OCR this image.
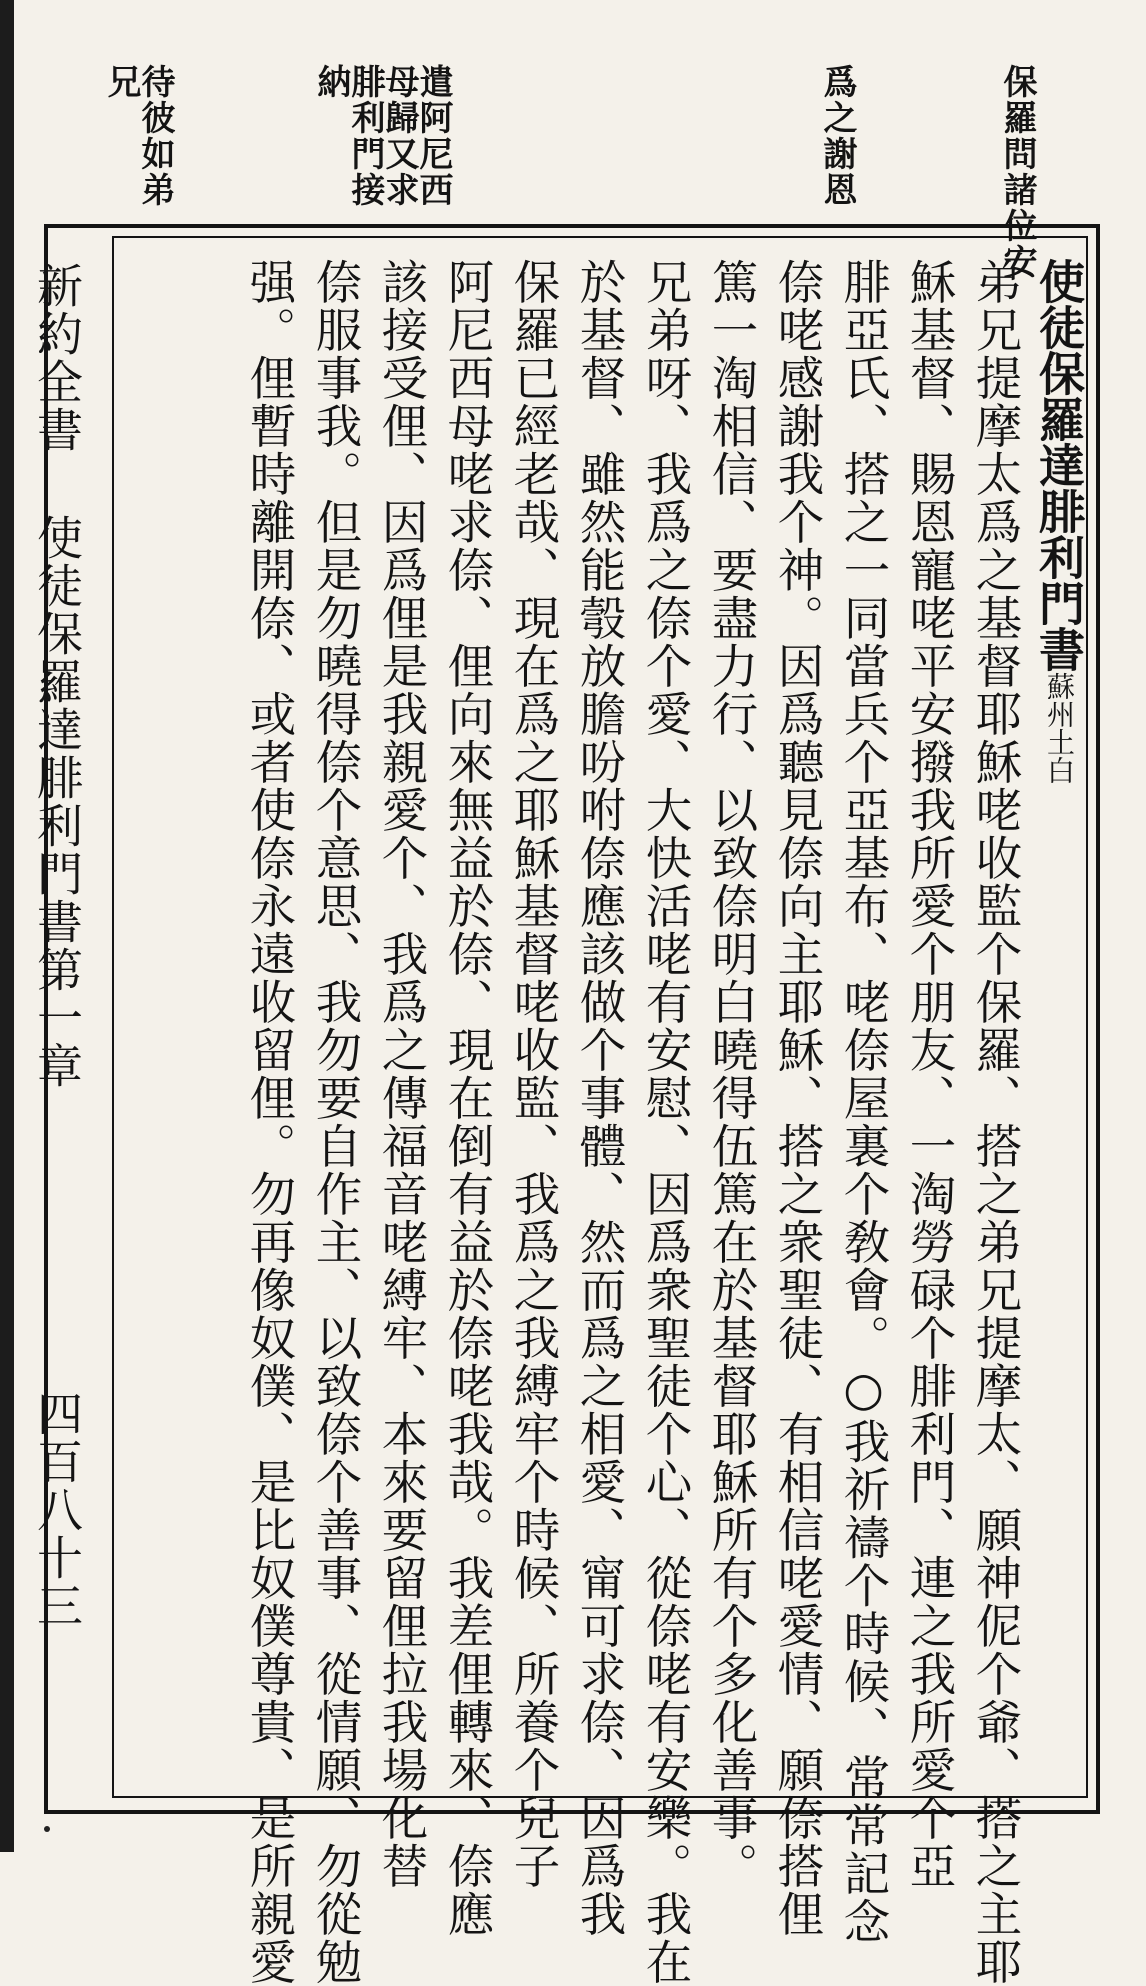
保羅問諸位安
爲之謝恩
遣阿尼西母歸又求腓利門接納
待彼如弟兄
使徒保羅達腓利門書蘇州土白
弟兄提摩太爲之基督耶穌咾收監个保羅、搭之弟兄提摩太、願神伲个爺、搭之主耶
穌基督、賜恩寵咾平安撥我所愛个朋友、一淘勞碌个腓利門、連之我所愛个亞
腓亞氏、搭之一同當兵个亞基布、咾倷屋裏个敎會。○我祈禱个時候、常常記念
倷咾感謝我个神。因爲聽見倷向主耶穌、搭之衆聖徒、有相信咾愛情、願倷搭俚
篤一淘相信、要盡力行、以致倷明白曉得伍篤在於基督耶穌所有个多化善事。
兄弟呀、我爲之倷个愛、大快活咾有安慰、因爲衆聖徒个心、從倷咾有安樂。我在
於基督、雖然能彀放膽吩咐倷應該做个事體、然而爲之相愛、甯可求倷、因爲我
保羅已經老哉、現在爲之耶穌基督咾收監、我爲之我縛牢个時候、所養个兒子
阿尼西母咾求倷、俚向來無益於倷、現在倒有益於倷咾我哉。我差俚轉來、倷應
該接受俚、因爲俚是我親愛个、我爲之傳福音咾縛牢、本來要留俚拉我場化替
倷服事我。但是勿曉得倷个意思、我勿要自作主、以致倷个善事、從情願、勿從勉
强。俚暫時離開倷、或者使倷永遠收留俚。勿再像奴僕、是比奴僕尊貴、是所親愛
新約全書使徒保羅達腓利門書第一章
四百八十三
